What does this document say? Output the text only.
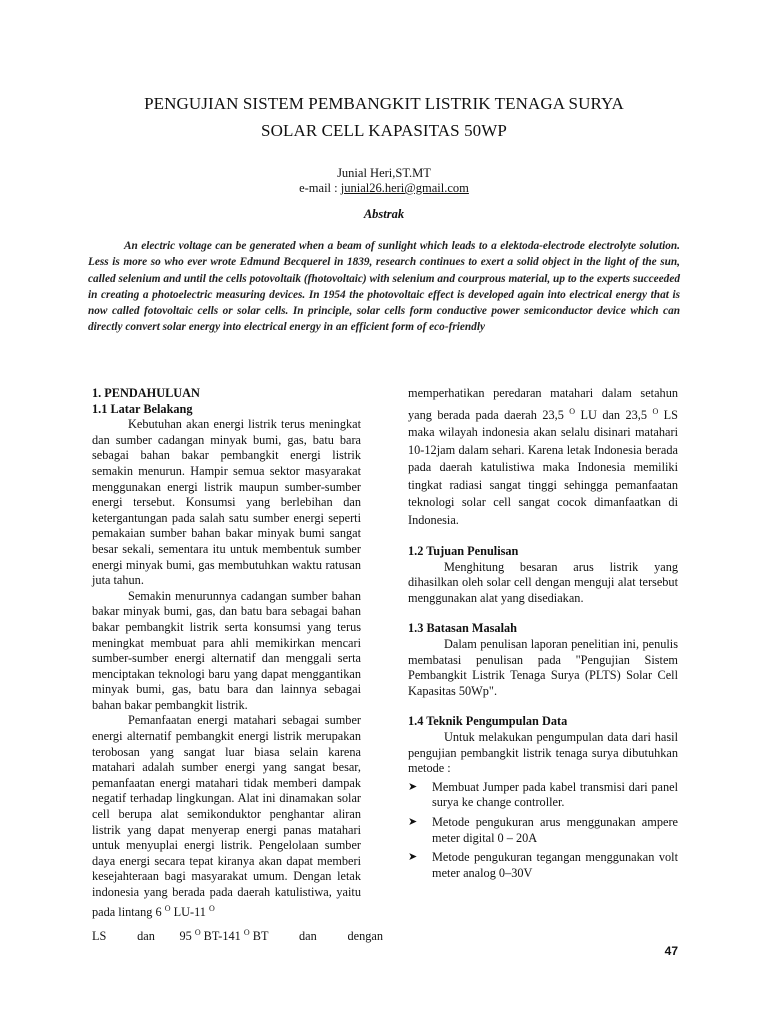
PENGUJIAN SISTEM PEMBANGKIT LISTRIK TENAGA SURYA
SOLAR CELL KAPASITAS 50WP
Junial Heri,ST.MT
e-mail : junial26.heri@gmail.com
Abstrak

An electric voltage can be generated when a beam of sunlight which leads to a elektoda-electrode electrolyte solution. Less is more so who ever wrote Edmund Becquerel in 1839, research continues to exert a solid object in the light of the sun, called selenium and until the cells potovoltaik (fhotovoltaic) with selenium and courprous material, up to the experts succeeded in creating a photoelectric measuring devices. In 1954 the photovoltaic effect is developed again into electrical energy that is now called fotovoltaic cells or solar cells. In principle, solar cells form conductive power semiconductor device which can directly convert solar energy into electrical energy in an efficient form of eco-friendly

1. PENDAHULUAN
1.1 Latar Belakang

Kebutuhan akan energi listrik terus meningkat dan sumber cadangan minyak bumi, gas, batu bara sebagai bahan bakar pembangkit energi listrik semakin menurun. Hampir semua sektor masyarakat menggunakan energi listrik maupun sumber-sumber energi tersebut. Konsumsi yang berlebihan dan ketergantungan pada salah satu sumber energi seperti pemakaian sumber bahan bakar minyak bumi sangat besar sekali, sementara itu untuk membentuk sumber energi minyak bumi, gas membutuhkan waktu ratusan juta tahun.

Semakin menurunnya cadangan sumber bahan bakar minyak bumi, gas, dan batu bara sebagai bahan bakar pembangkit listrik serta konsumsi yang terus meningkat membuat para ahli memikirkan mencari sumber-sumber energi alternatif dan menggali serta menciptakan teknologi baru yang dapat menggantikan minyak bumi, gas, batu bara dan lainnya sebagai bahan bakar pembangkit listrik.

Pemanfaatan energi matahari sebagai sumber energi alternatif pembangkit energi listrik merupakan terobosan yang sangat luar biasa selain karena matahari adalah sumber energi yang sangat besar, pemanfaatan energi matahari tidak memberi dampak negatif terhadap lingkungan. Alat ini dinamakan solar cell berupa alat semikonduktor penghantar aliran listrik yang dapat menyerap energi panas matahari untuk menyuplai energi listrik. Pengelolaan sumber daya energi secara tepat kiranya akan dapat memberi kesejahteraan bagi masyarakat umum. Dengan letak indonesia yang berada pada daerah katulistiwa, yaitu pada lintang 6 $^O$ LU-11 $^O$

LS          dan        95 $^O$ BT-141 $^O$ BT          dan          dengan

memperhatikan peredaran matahari dalam setahun yang berada pada daerah 23,5 $^O$ LU dan 23,5 $^O$ LS maka wilayah indonesia akan selalu disinari matahari 10-12jam dalam sehari. Karena letak Indonesia berada pada daerah katulistiwa maka Indonesia memiliki tingkat radiasi sangat tinggi sehingga pemanfaatan teknologi solar cell sangat cocok dimanfaatkan di Indonesia.

1.2 Tujuan Penulisan

Menghitung besaran arus listrik yang dihasilkan oleh solar cell dengan menguji alat tersebut menggunakan alat yang disediakan.

1.3 Batasan Masalah

Dalam penulisan laporan penelitian ini, penulis membatasi penulisan pada "Pengujian Sistem Pembangkit Listrik Tenaga Surya (PLTS) Solar Cell Kapasitas 50Wp".

1.4 Teknik Pengumpulan Data

Untuk melakukan pengumpulan data dari hasil pengujian pembangkit listrik tenaga surya dibutuhkan metode :

➤	Membuat Jumper pada kabel transmisi dari panel surya ke change controller.
➤	Metode pengukuran arus menggunakan ampere meter digital 0 – 20A
➤	Metode pengukuran tegangan menggunakan volt meter analog 0–30V
47
